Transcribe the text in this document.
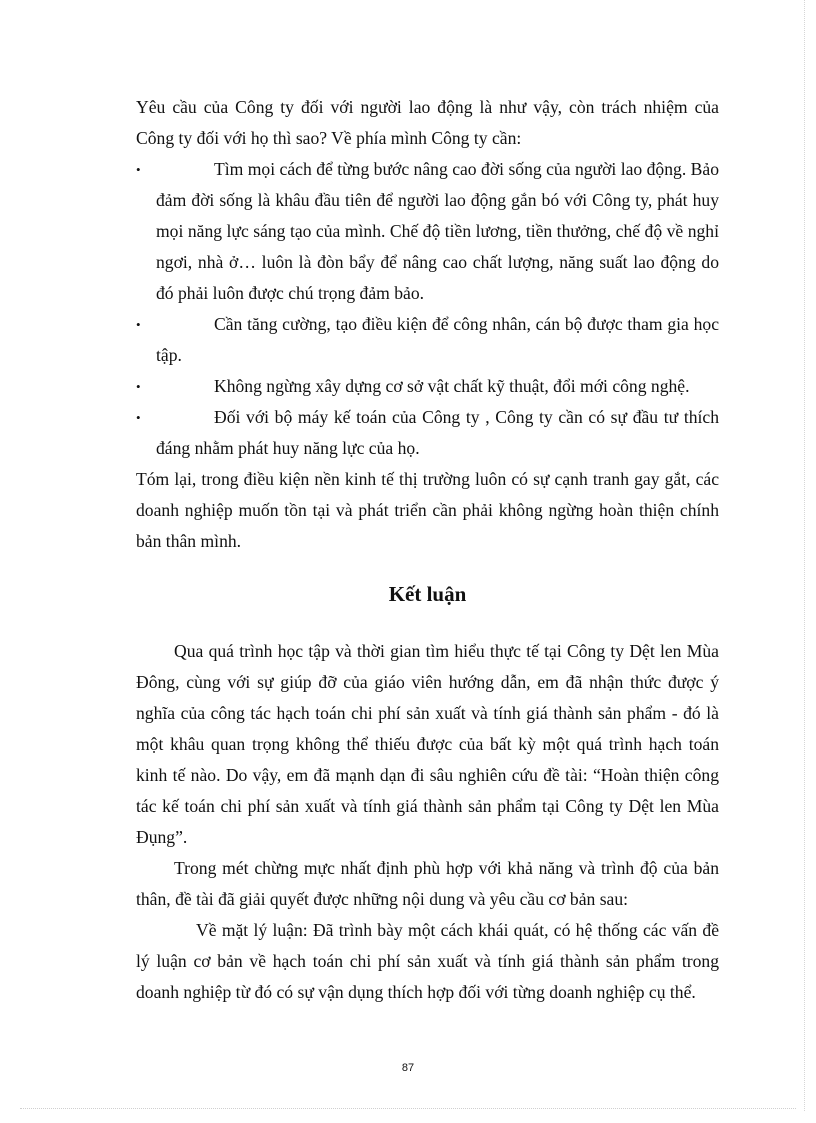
Yêu cầu của Công ty đối với người lao động là như vậy, còn trách nhiệm của Công ty đối với họ thì sao? Về phía mình Công ty cần:

•	Tìm mọi cách để từng bước nâng cao đời sống của người lao động. Bảo đảm đời sống là khâu đầu tiên để người lao động gắn bó với Công ty, phát huy mọi năng lực sáng tạo của mình. Chế độ tiền lương, tiền thưởng, chế độ về nghỉ ngơi, nhà ở… luôn là đòn bẩy để nâng cao chất lượng, năng suất lao động do đó phải luôn được chú trọng đảm bảo.

•	Cần tăng cường, tạo điều kiện để công nhân, cán bộ được tham gia học tập.

•	Không ngừng xây dựng cơ sở vật chất kỹ thuật, đổi mới công nghệ.

•	Đối với bộ máy kế toán của Công ty , Công ty cần có sự đầu tư thích đáng nhằm phát huy năng lực của họ.

Tóm lại, trong điều kiện nền kinh tế thị trường luôn có sự cạnh tranh gay gắt, các doanh nghiệp muốn tồn tại và phát triển cần phải không ngừng hoàn thiện chính bản thân mình.

Kết luận

Qua quá trình học tập và thời gian tìm hiểu thực tế tại Công ty Dệt len Mùa Đông, cùng với sự giúp đỡ của giáo viên hướng dẫn, em đã nhận thức được ý nghĩa của công tác hạch toán chi phí sản xuất và tính giá thành sản phẩm - đó là một khâu quan trọng không thể thiếu được của bất kỳ một quá trình hạch toán kinh tế nào. Do vậy, em đã mạnh dạn đi sâu nghiên cứu đề tài: “Hoàn thiện công tác kế toán chi phí sản xuất và tính giá thành sản phẩm tại Công ty Dệt len Mùa Đụng”.

Trong mét chừng mực nhất định phù hợp với khả năng và trình độ của bản thân, đề tài đã giải quyết được những nội dung và yêu cầu cơ bản sau:

Về mặt lý luận: Đã trình bày một cách khái quát, có hệ thống các vấn đề lý luận cơ bản về hạch toán chi phí sản xuất và tính giá thành sản phẩm trong doanh nghiệp từ đó có sự vận dụng thích hợp đối với từng doanh nghiệp cụ thể.

87
